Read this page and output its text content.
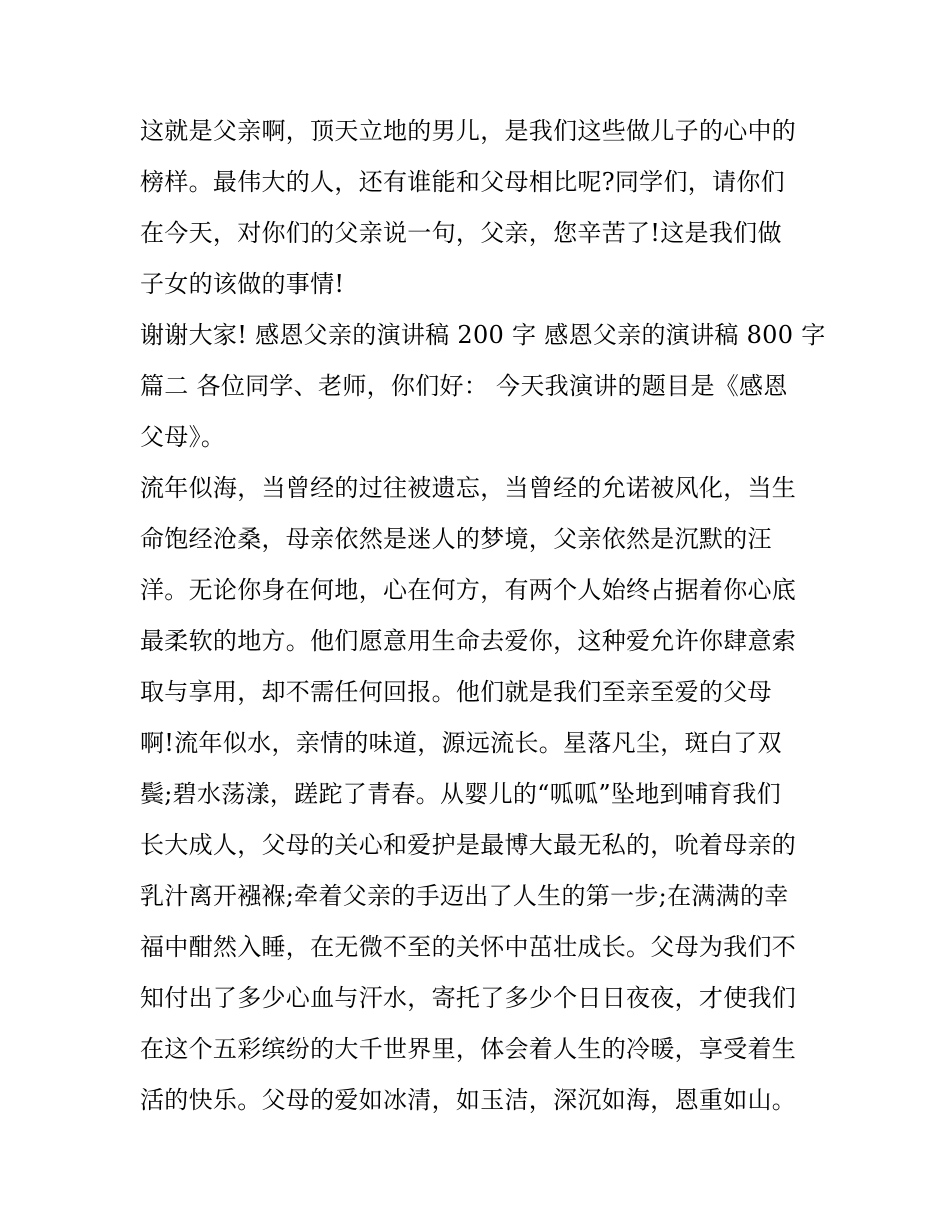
这就是父亲啊，顶天立地的男儿，是我们这些做儿子的心中的
榜样。最伟大的人，还有谁能和父母相比呢?同学们，请你们
在今天，对你们的父亲说一句，父亲，您辛苦了!这是我们做
子女的该做的事情!
谢谢大家! 感恩父亲的演讲稿 200 字 感恩父亲的演讲稿 800 字
篇二 各位同学、老师，你们好： 今天我演讲的题目是《感恩
父母》。
流年似海，当曾经的过往被遗忘，当曾经的允诺被风化，当生
命饱经沧桑，母亲依然是迷人的梦境，父亲依然是沉默的汪
洋。无论你身在何地，心在何方，有两个人始终占据着你心底
最柔软的地方。他们愿意用生命去爱你，这种爱允许你肆意索
取与享用，却不需任何回报。他们就是我们至亲至爱的父母
啊!流年似水，亲情的味道，源远流长。星落凡尘，斑白了双
鬓;碧水荡漾，蹉跎了青春。从婴儿的“呱呱”坠地到哺育我们
长大成人，父母的关心和爱护是最博大最无私的，吮着母亲的
乳汁离开襁褓;牵着父亲的手迈出了人生的第一步;在满满的幸
福中酣然入睡，在无微不至的关怀中茁壮成长。父母为我们不
知付出了多少心血与汗水，寄托了多少个日日夜夜，才使我们
在这个五彩缤纷的大千世界里，体会着人生的冷暖，享受着生
活的快乐。父母的爱如冰清，如玉洁，深沉如海，恩重如山。
